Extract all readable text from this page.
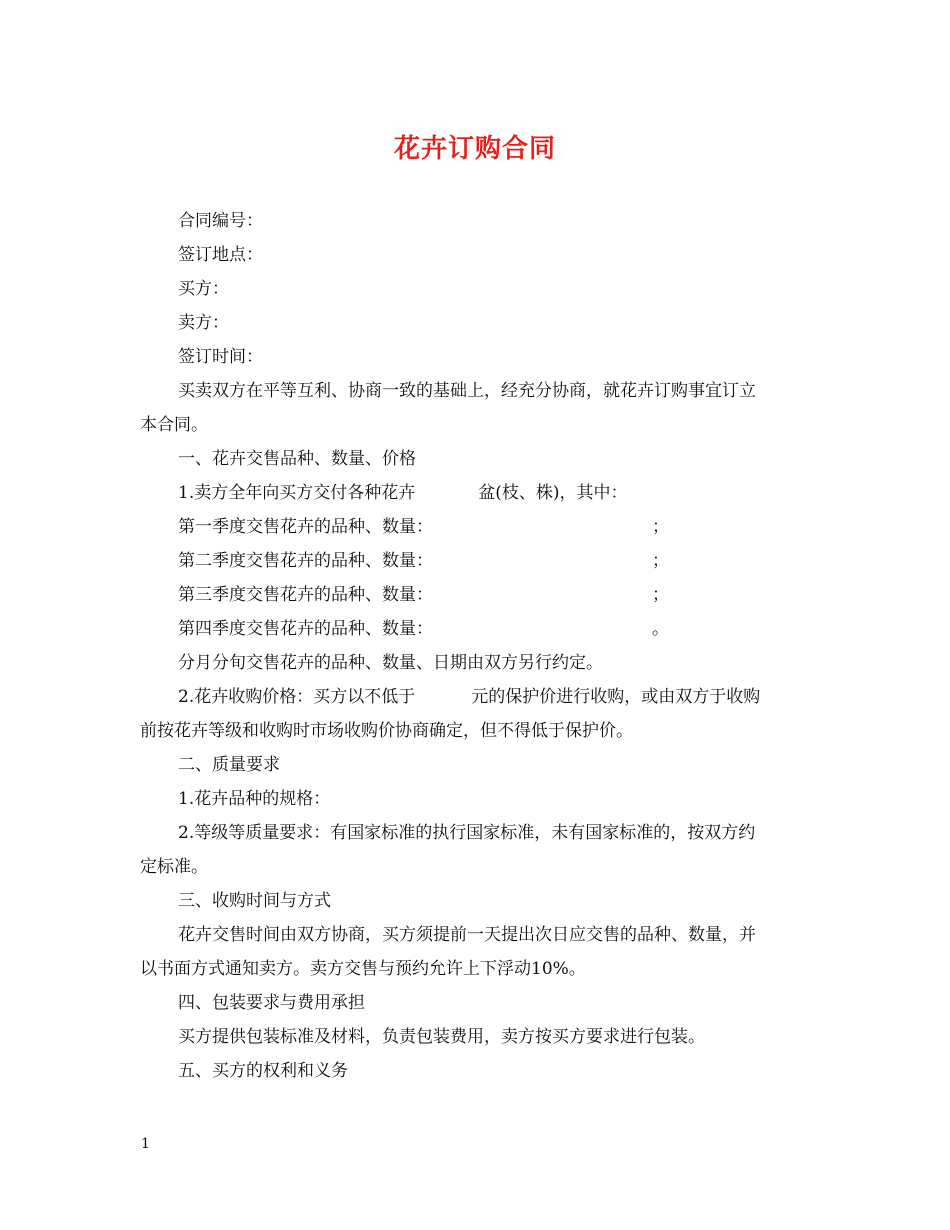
花卉订购合同
合同编号：
签订地点：
买方：
卖方：
签订时间：
买卖双方在平等互利、协商一致的基础上，经充分协商，就花卉订购事宜订立
本合同。
一、花卉交售品种、数量、价格
1.卖方全年向买方交付各种花卉	盆(枝、株)，其中：
第一季度交售花卉的品种、数量：	；
第二季度交售花卉的品种、数量：	；
第三季度交售花卉的品种、数量：	；
第四季度交售花卉的品种、数量：	。
分月分旬交售花卉的品种、数量、日期由双方另行约定。
2.花卉收购价格：买方以不低于	元的保护价进行收购，或由双方于收购
前按花卉等级和收购时市场收购价协商确定，但不得低于保护价。
二、质量要求
1.花卉品种的规格：
2.等级等质量要求：有国家标准的执行国家标准，未有国家标准的，按双方约
定标准。
三、收购时间与方式
花卉交售时间由双方协商，买方须提前一天提出次日应交售的品种、数量，并
以书面方式通知卖方。卖方交售与预约允许上下浮动10%。
四、包装要求与费用承担
买方提供包装标准及材料，负责包装费用，卖方按买方要求进行包装。
五、买方的权利和义务
1
